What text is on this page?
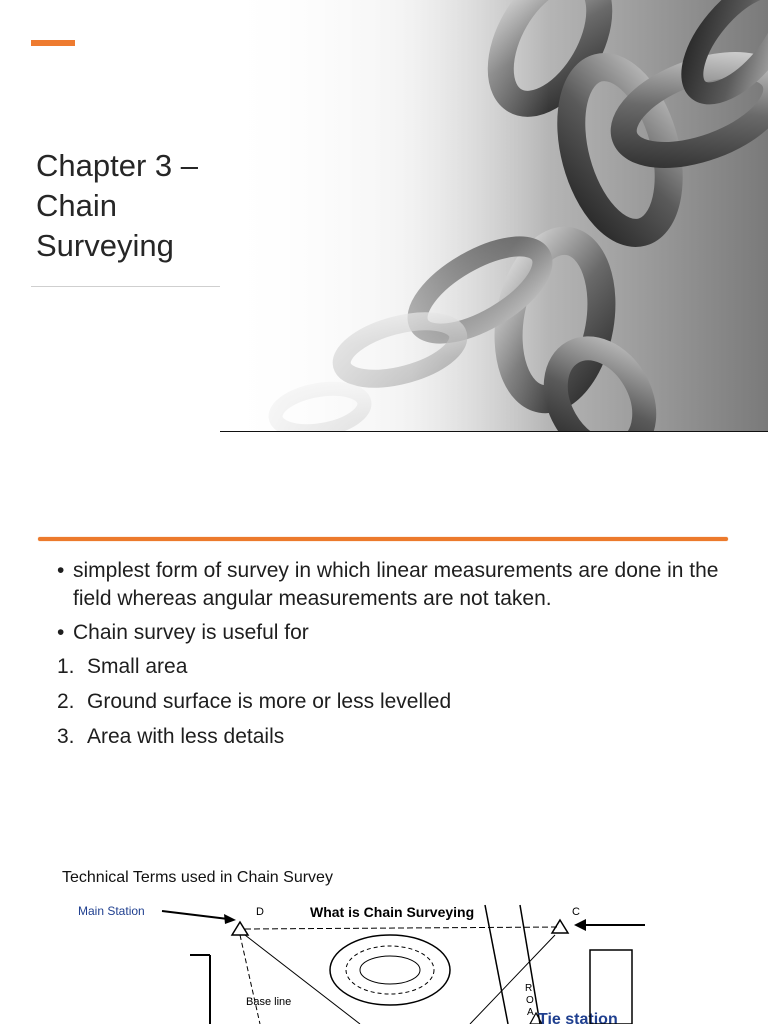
Chapter 3 –
Chain
Surveying
• simplest form of survey in which linear measurements are done in the field whereas angular measurements are not taken.
• Chain survey is useful for
1. Small area
2. Ground surface is more or less levelled
3. Area with less details
Technical Terms used in Chain Survey
Main Station	D	What is Chain Surveying	C
Base line
R
O
A Tie station
